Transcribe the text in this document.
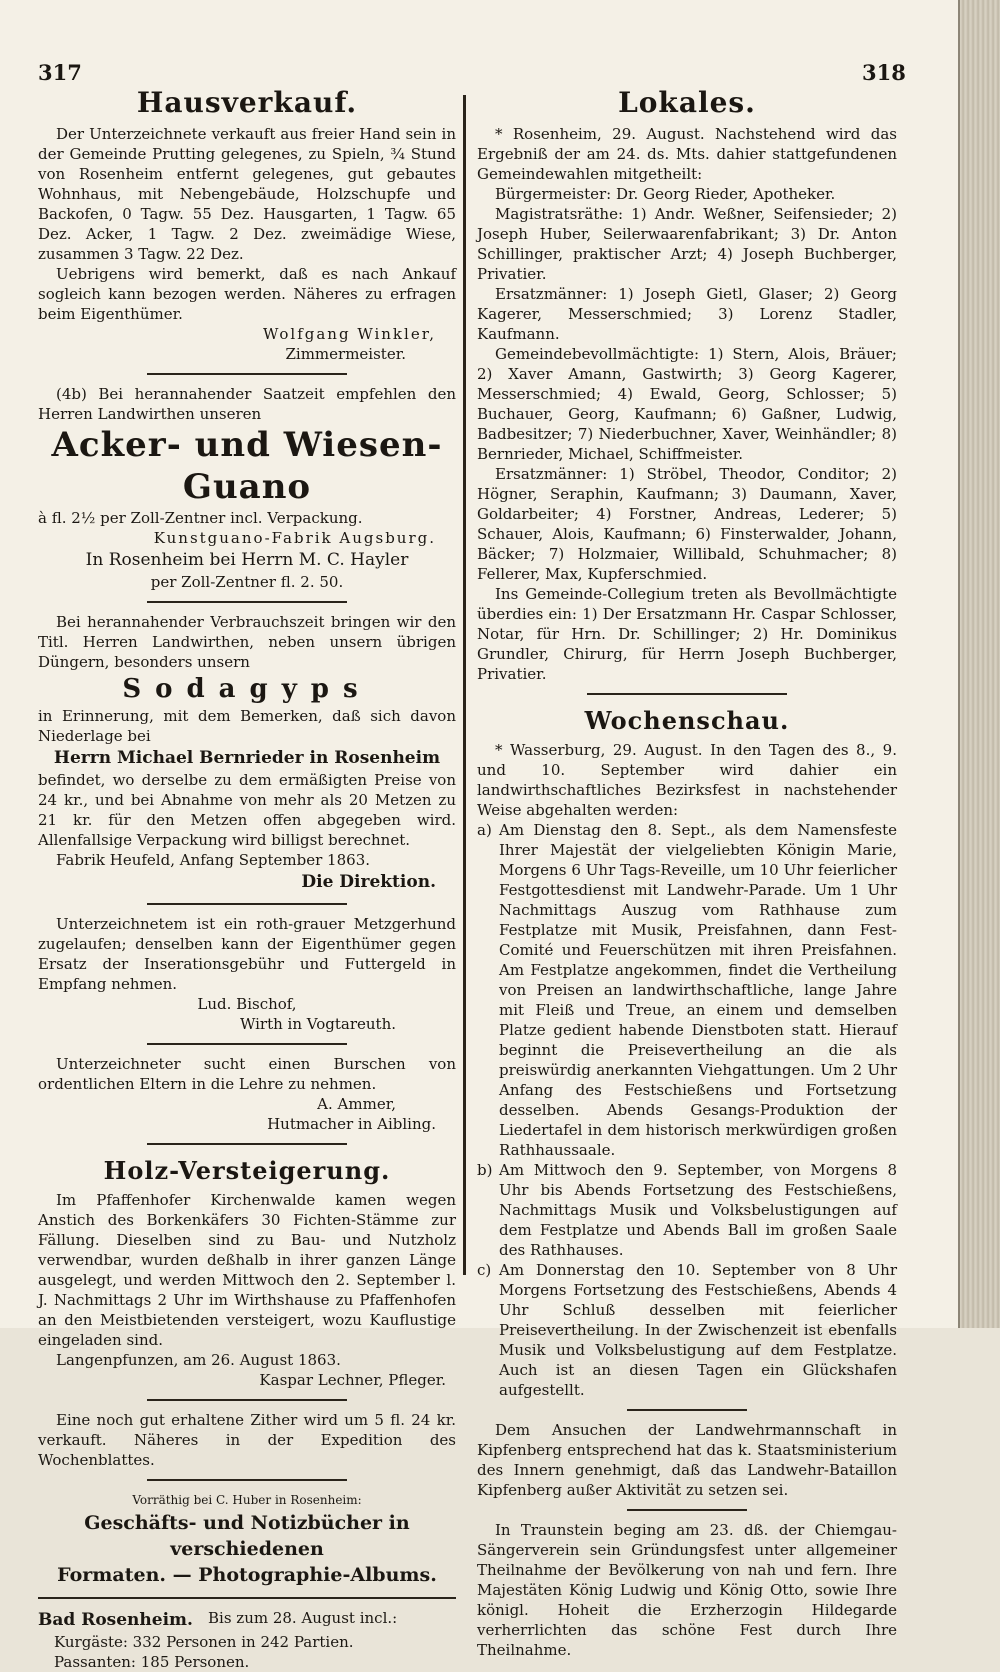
317	318
Hausverkauf.

Der Unterzeichnete verkauft aus freier Hand sein in der Gemeinde Prutting gelegenes, zu Spieln, ¾ Stund von Rosenheim entfernt gelegenes, gut gebautes Wohnhaus, mit Nebengebäude, Holzschupfe und Backofen, 0 Tagw. 55 Dez. Hausgarten, 1 Tagw. 65 Dez. Acker, 1 Tagw. 2 Dez. zweimädige Wiese, zusammen 3 Tagw. 22 Dez.

Uebrigens wird bemerkt, daß es nach Ankauf sogleich kann bezogen werden. Näheres zu erfragen beim Eigenthümer.

Wolfgang Winkler,

Zimmermeister.

(4b) Bei herannahender Saatzeit empfehlen den Herren Landwirthen unseren

Acker- und Wiesen-Guano

à fl. 2½ per Zoll-Zentner incl. Verpackung.

Kunstguano-Fabrik Augsburg.

In Rosenheim bei Herrn M. C. Hayler

per Zoll-Zentner fl. 2. 50.

Bei herannahender Verbrauchszeit bringen wir den Titl. Herren Landwirthen, neben unsern übrigen Düngern, besonders unsern

Sodagyps

in Erinnerung, mit dem Bemerken, daß sich davon Niederlage bei

Herrn Michael Bernrieder in Rosenheim

befindet, wo derselbe zu dem ermäßigten Preise von 24 kr., und bei Abnahme von mehr als 20 Metzen zu 21 kr. für den Metzen offen abgegeben wird. Allenfallsige Verpackung wird billigst berechnet.

Fabrik Heufeld, Anfang September 1863.

Die Direktion.

Unterzeichnetem ist ein roth-grauer Metzgerhund zugelaufen; denselben kann der Eigenthümer gegen Ersatz der Inserationsgebühr und Futtergeld in Empfang nehmen.

Lud. Bischof,

Wirth in Vogtareuth.

Unterzeichneter sucht einen Burschen von ordentlichen Eltern in die Lehre zu nehmen.

A. Ammer,

Hutmacher in Aibling.

Holz-Versteigerung.

Im Pfaffenhofer Kirchenwalde kamen wegen Anstich des Borkenkäfers 30 Fichten-Stämme zur Fällung. Dieselben sind zu Bau- und Nutzholz verwendbar, wurden deßhalb in ihrer ganzen Länge ausgelegt, und werden Mittwoch den 2. September l. J. Nachmittags 2 Uhr im Wirthshause zu Pfaffenhofen an den Meistbietenden versteigert, wozu Kauflustige eingeladen sind.

Langenpfunzen, am 26. August 1863.

Kaspar Lechner, Pfleger.

Eine noch gut erhaltene Zither wird um 5 fl. 24 kr. verkauft. Näheres in der Expedition des Wochenblattes.

Vorräthig bei C. Huber in Rosenheim:

Geschäfts- und Notizbücher in verschiedenen

Formaten. — Photographie-Albums.

Bad Rosenheim.	Bis zum 28. August incl.:

Kurgäste: 332 Personen in 242 Partien.

Passanten: 185 Personen.

Lokales.

* Rosenheim, 29. August. Nachstehend wird das Ergebniß der am 24. ds. Mts. dahier stattgefundenen Gemeindewahlen mitgetheilt:

Bürgermeister: Dr. Georg Rieder, Apotheker.

Magistratsräthe: 1) Andr. Weßner, Seifensieder; 2) Joseph Huber, Seilerwaarenfabrikant; 3) Dr. Anton Schillinger, praktischer Arzt; 4) Joseph Buchberger, Privatier.

Ersatzmänner: 1) Joseph Gietl, Glaser; 2) Georg Kagerer, Messerschmied; 3) Lorenz Stadler, Kaufmann.

Gemeindebevollmächtigte: 1) Stern, Alois, Bräuer; 2) Xaver Amann, Gastwirth; 3) Georg Kagerer, Messerschmied; 4) Ewald, Georg, Schlosser; 5) Buchauer, Georg, Kaufmann; 6) Gaßner, Ludwig, Badbesitzer; 7) Niederbuchner, Xaver, Weinhändler; 8) Bernrieder, Michael, Schiffmeister.

Ersatzmänner: 1) Ströbel, Theodor, Conditor; 2) Högner, Seraphin, Kaufmann; 3) Daumann, Xaver, Goldarbeiter; 4) Forstner, Andreas, Lederer; 5) Schauer, Alois, Kaufmann; 6) Finsterwalder, Johann, Bäcker; 7) Holzmaier, Willibald, Schuhmacher; 8) Fellerer, Max, Kupferschmied.

Ins Gemeinde-Collegium treten als Bevollmächtigte überdies ein: 1) Der Ersatzmann Hr. Caspar Schlosser, Notar, für Hrn. Dr. Schillinger; 2) Hr. Dominikus Grundler, Chirurg, für Herrn Joseph Buchberger, Privatier.

Wochenschau.

* Wasserburg, 29. August. In den Tagen des 8., 9. und 10. September wird dahier ein landwirthschaftliches Bezirksfest in nachstehender Weise abgehalten werden:

a) Am Dienstag den 8. Sept., als dem Namensfeste Ihrer Majestät der vielgeliebten Königin Marie, Morgens 6 Uhr Tags-Reveille, um 10 Uhr feierlicher Festgottesdienst mit Landwehr-Parade. Um 1 Uhr Nachmittags Auszug vom Rathhause zum Festplatze mit Musik, Preisfahnen, dann Fest-Comité und Feuerschützen mit ihren Preisfahnen. Am Festplatze angekommen, findet die Vertheilung von Preisen an landwirthschaftliche, lange Jahre mit Fleiß und Treue, an einem und demselben Platze gedient habende Dienstboten statt. Hierauf beginnt die Preisevertheilung an die als preiswürdig anerkannten Viehgattungen. Um 2 Uhr Anfang des Festschießens und Fortsetzung desselben. Abends Gesangs-Produktion der Liedertafel in dem historisch merkwürdigen großen Rathhaussaale.
b) Am Mittwoch den 9. September, von Morgens 8 Uhr bis Abends Fortsetzung des Festschießens, Nachmittags Musik und Volksbelustigungen auf dem Festplatze und Abends Ball im großen Saale des Rathhauses.
c) Am Donnerstag den 10. September von 8 Uhr Morgens Fortsetzung des Festschießens, Abends 4 Uhr Schluß desselben mit feierlicher Preisevertheilung. In der Zwischenzeit ist ebenfalls Musik und Volksbelustigung auf dem Festplatze. Auch ist an diesen Tagen ein Glückshafen aufgestellt.

Dem Ansuchen der Landwehrmannschaft in Kipfenberg entsprechend hat das k. Staatsministerium des Innern genehmigt, daß das Landwehr-Bataillon Kipfenberg außer Aktivität zu setzen sei.

In Traunstein beging am 23. dß. der Chiemgau-Sängerverein sein Gründungsfest unter allgemeiner Theilnahme der Bevölkerung von nah und fern. Ihre Majestäten König Ludwig und König Otto, sowie Ihre königl. Hoheit die Erzherzogin Hildegarde verherrlichten das schöne Fest durch Ihre Theilnahme.
